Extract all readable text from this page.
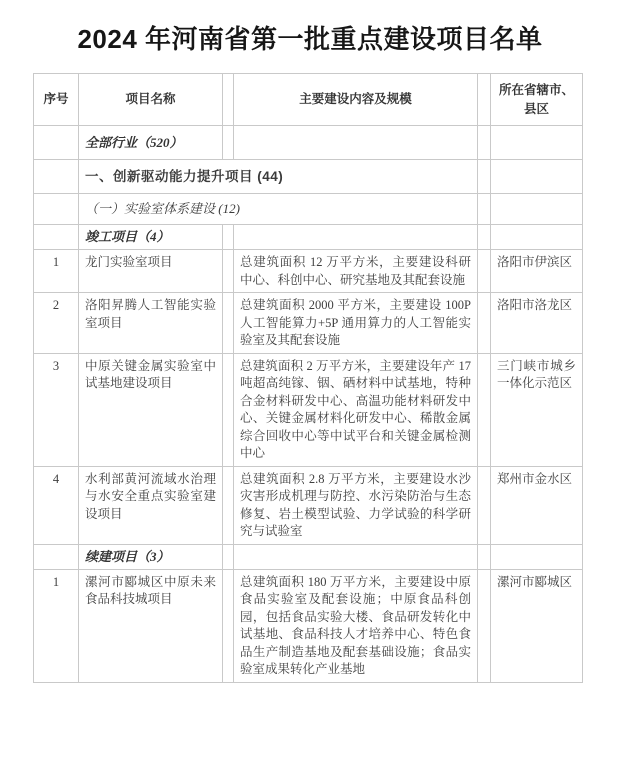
2024 年河南省第一批重点建设项目名单
序号	项目名称		主要建设内容及规模		所在省辖市、县区
	全部行业（520）				
	一、创新驱动能力提升项目 (44)				
	（一）实验室体系建设 (12)				
	竣工项目（4）				
1	龙门实验室项目		总建筑面积 12 万平方米，主要建设科研中心、科创中心、研究基地及其配套设施		洛阳市伊滨区
2	洛阳昇腾人工智能实验室项目		总建筑面积 2000 平方米，主要建设 100P 人工智能算力+5P 通用算力的人工智能实验室及其配套设施		洛阳市洛龙区
3	中原关键金属实验室中试基地建设项目		总建筑面积 2 万平方米，主要建设年产 17 吨超高纯镓、铟、硒材料中试基地，特种合金材料研发中心、高温功能材料研发中心、关键金属材料化研发中心、稀散金属综合回收中心等中试平台和关键金属检测中心		三门峡市城乡一体化示范区
4	水利部黄河流域水治理与水安全重点实验室建设项目		总建筑面积 2.8 万平方米，主要建设水沙灾害形成机理与防控、水污染防治与生态修复、岩土模型试验、力学试验的科学研究与试验室		郑州市金水区
	续建项目（3）				
1	漯河市郾城区中原未来食品科技城项目		总建筑面积 180 万平方米，主要建设中原食品实验室及配套设施；中原食品科创园，包括食品实验大楼、食品研发转化中试基地、食品科技人才培养中心、特色食品生产制造基地及配套基础设施；食品实验室成果转化产业基地		漯河市郾城区
